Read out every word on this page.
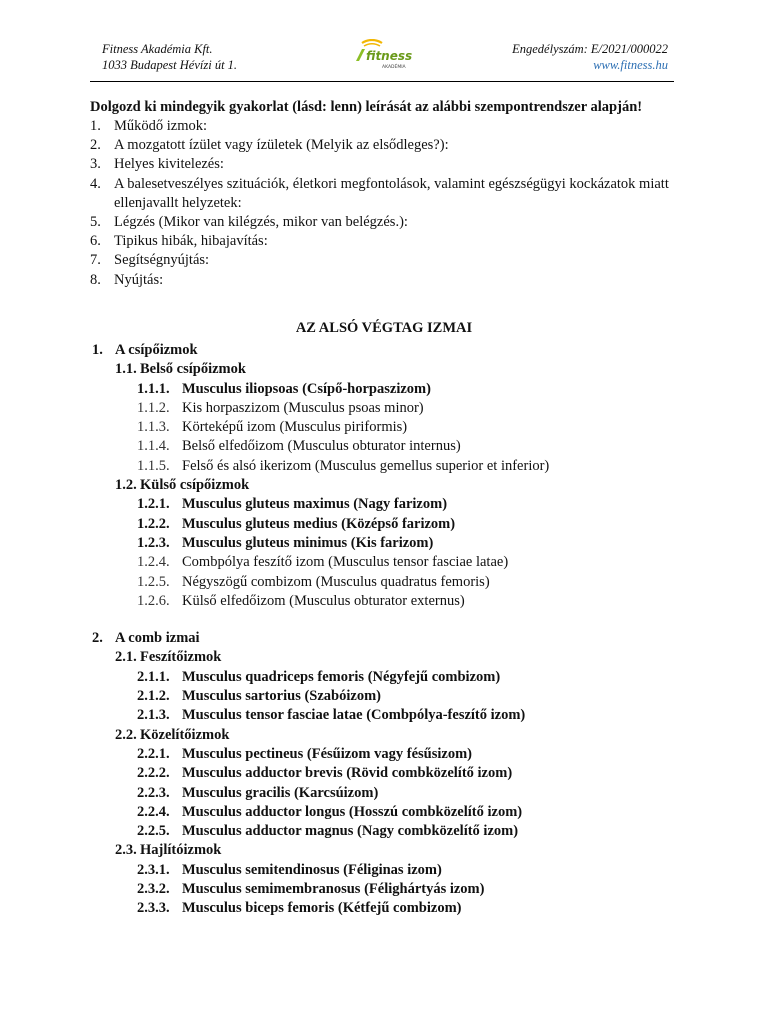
Fitness Akadémia Kft.
1033 Budapest Hévízi út 1.
fitness
AKADÉMIA
Engedélyszám: E/2021/000022
www.fitness.hu

Dolgozd ki mindegyik gyakorlat (lásd: lenn) leírását az alábbi szempontrendszer alapján!

1. Működő izmok:
2. A mozgatott ízület vagy ízületek (Melyik az elsődleges?):
3. Helyes kivitelezés:
4. A balesetveszélyes szituációk, életkori megfontolások, valamint egészségügyi kockázatok miatt ellenjavallt helyzetek:
5. Légzés (Mikor van kilégzés, mikor van belégzés.):
6. Tipikus hibák, hibajavítás:
7. Segítségnyújtás:
8. Nyújtás:
AZ ALSÓ VÉGTAG IZMAI
1. A csípőizmok
1.1. Belső csípőizmok
1.1.1. Musculus iliopsoas (Csípő-horpaszizom)
1.1.2. Kis horpaszizom (Musculus psoas minor)
1.1.3. Körteképű izom (Musculus piriformis)
1.1.4. Belső elfedőizom (Musculus obturator internus)
1.1.5. Felső és alsó ikerizom (Musculus gemellus superior et inferior)
1.2. Külső csípőizmok
1.2.1. Musculus gluteus maximus (Nagy farizom)
1.2.2. Musculus gluteus medius (Középső farizom)
1.2.3. Musculus gluteus minimus (Kis farizom)
1.2.4. Combpólya feszítő izom (Musculus tensor fasciae latae)
1.2.5. Négyszögű combizom (Musculus quadratus femoris)
1.2.6. Külső elfedőizom (Musculus obturator externus)
2. A comb izmai
2.1. Feszítőizmok
2.1.1. Musculus quadriceps femoris (Négyfejű combizom)
2.1.2. Musculus sartorius (Szabóizom)
2.1.3. Musculus tensor fasciae latae (Combpólya-feszítő izom)
2.2. Közelítőizmok
2.2.1. Musculus pectineus (Fésűizom vagy fésűsizom)
2.2.2. Musculus adductor brevis (Rövid combközelítő izom)
2.2.3. Musculus gracilis (Karcsúizom)
2.2.4. Musculus adductor longus (Hosszú combközelítő izom)
2.2.5. Musculus adductor magnus (Nagy combközelítő izom)
2.3. Hajlítóizmok
2.3.1. Musculus semitendinosus (Féliginas izom)
2.3.2. Musculus semimembranosus (Félighártyás izom)
2.3.3. Musculus biceps femoris (Kétfejű combizom)
